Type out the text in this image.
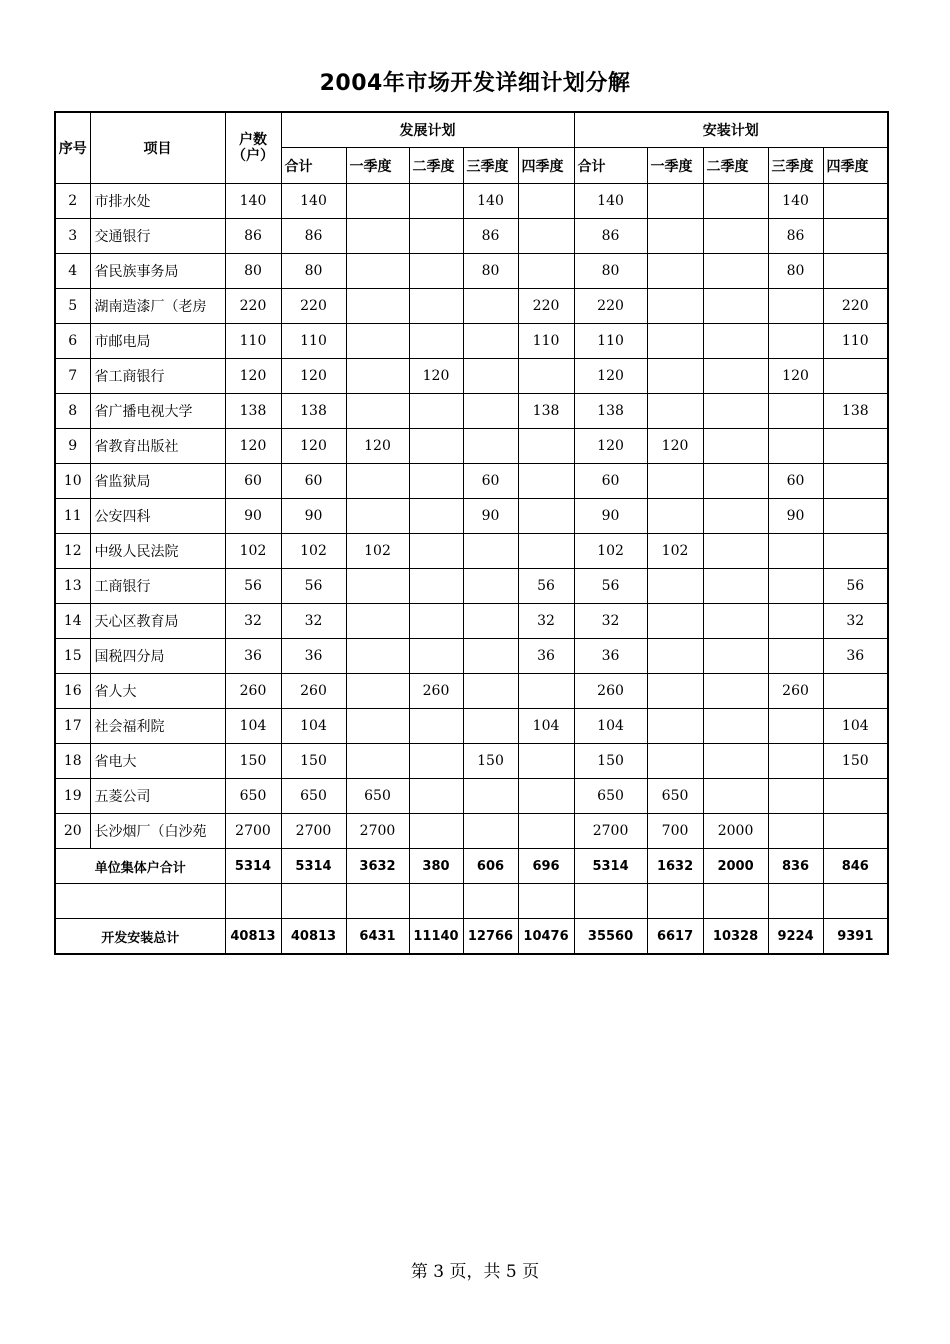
2004年市场开发详细计划分解
序号	项目	户数（户）	发展计划					安装计划				
			合计	一季度	二季度	三季度	四季度	合计	一季度	二季度	三季度	四季度
2	市排水处	140	140			140		140			140	
3	交通银行	86	86			86		86			86	
4	省民族事务局	80	80			80		80			80	
5	湖南造漆厂（老房	220	220				220	220				220
6	市邮电局	110	110				110	110				110
7	省工商银行	120	120		120			120			120	
8	省广播电视大学	138	138				138	138				138
9	省教育出版社	120	120	120				120	120			
10	省监狱局	60	60			60		60			60	
11	公安四科	90	90			90		90			90	
12	中级人民法院	102	102	102				102	102			
13	工商银行	56	56				56	56				56
14	天心区教育局	32	32				32	32				32
15	国税四分局	36	36				36	36				36
16	省人大	260	260		260			260			260	
17	社会福利院	104	104				104	104				104
18	省电大	150	150			150		150				150
19	五菱公司	650	650	650				650	650			
20	长沙烟厂（白沙苑	2700	2700	2700				2700	700	2000		
单位集体户合计		5314	5314	3632	380	606	696	5314	1632	2000	836	846

开发安装总计		40813	40813	6431	11140	12766	10476	35560	6617	10328	9224	9391
第 3 页，共 5 页
